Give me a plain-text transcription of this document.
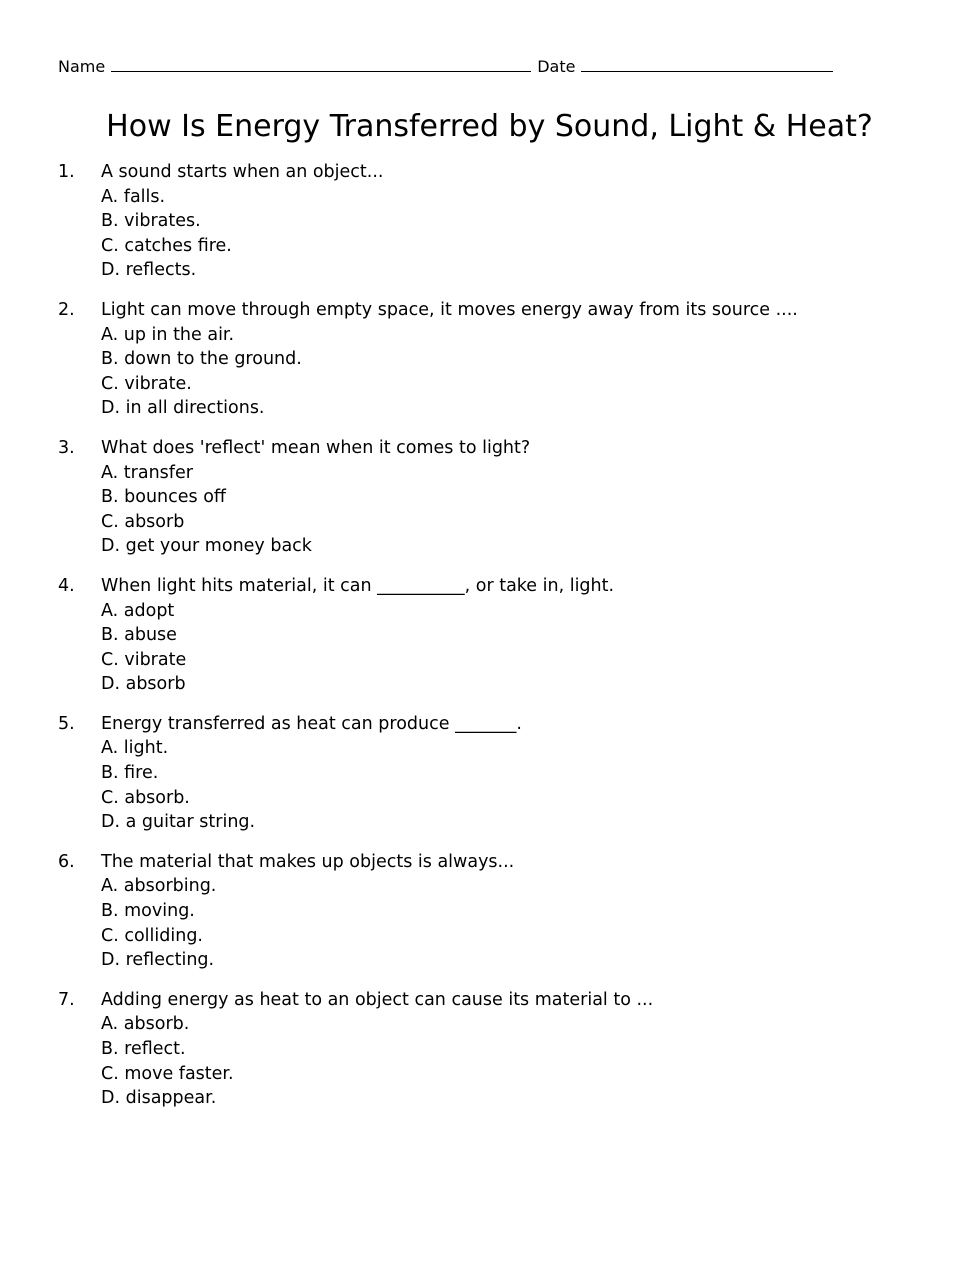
Name	Date
How Is Energy Transferred by Sound, Light & Heat?
1. A sound starts when an object...
A. falls.
B. vibrates.
C. catches fire.
D. reflects.
2. Light can move through empty space, it moves energy away from its source ....
A. up in the air.
B. down to the ground.
C. vibrate.
D. in all directions.
3. What does 'reflect' mean when it comes to light?
A. transfer
B. bounces off
C. absorb
D. get your money back
4. When light hits material, it can __________, or take in, light.
A. adopt
B. abuse
C. vibrate
D. absorb
5. Energy transferred as heat can produce _______.
A. light.
B. fire.
C. absorb.
D. a guitar string.
6. The material that makes up objects is always...
A. absorbing.
B. moving.
C. colliding.
D. reflecting.
7. Adding energy as heat to an object can cause its material to ...
A. absorb.
B. reflect.
C. move faster.
D. disappear.
